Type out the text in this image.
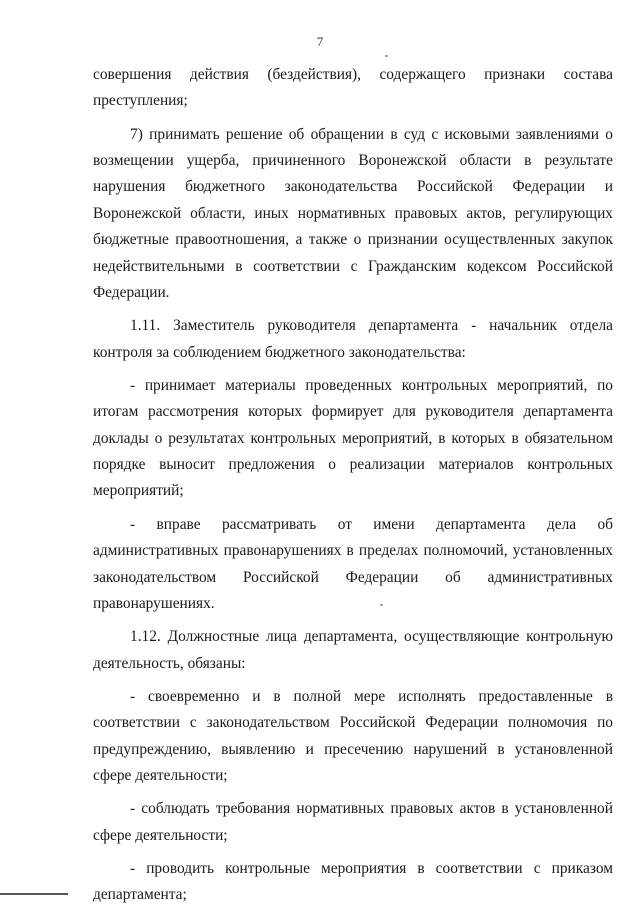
7

совершения действия (бездействия), содержащего признаки состава преступления;

7) принимать решение об обращении в суд с исковыми заявлениями о возмещении ущерба, причиненного Воронежской области в результате нарушения бюджетного законодательства Российской Федерации и Воронежской области, иных нормативных правовых актов, регулирующих бюджетные правоотношения, а также о признании осуществленных закупок недействительными в соответствии с Гражданским кодексом Российской Федерации.

1.11. Заместитель руководителя департамента - начальник отдела контроля за соблюдением бюджетного законодательства:

- принимает материалы проведенных контрольных мероприятий, по итогам рассмотрения которых формирует для руководителя департамента доклады о результатах контрольных мероприятий, в которых в обязательном порядке выносит предложения о реализации материалов контрольных мероприятий;

- вправе рассматривать от имени департамента дела об административных правонарушениях в пределах полномочий, установленных законодательством Российской Федерации об административных правонарушениях.

1.12. Должностные лица департамента, осуществляющие контрольную деятельность, обязаны:

- своевременно и в полной мере исполнять предоставленные в соответствии с законодательством Российской Федерации полномочия по предупреждению, выявлению и пресечению нарушений в установленной сфере деятельности;

- соблюдать требования нормативных правовых актов в установленной сфере деятельности;

- проводить контрольные мероприятия в соответствии с приказом департамента;
